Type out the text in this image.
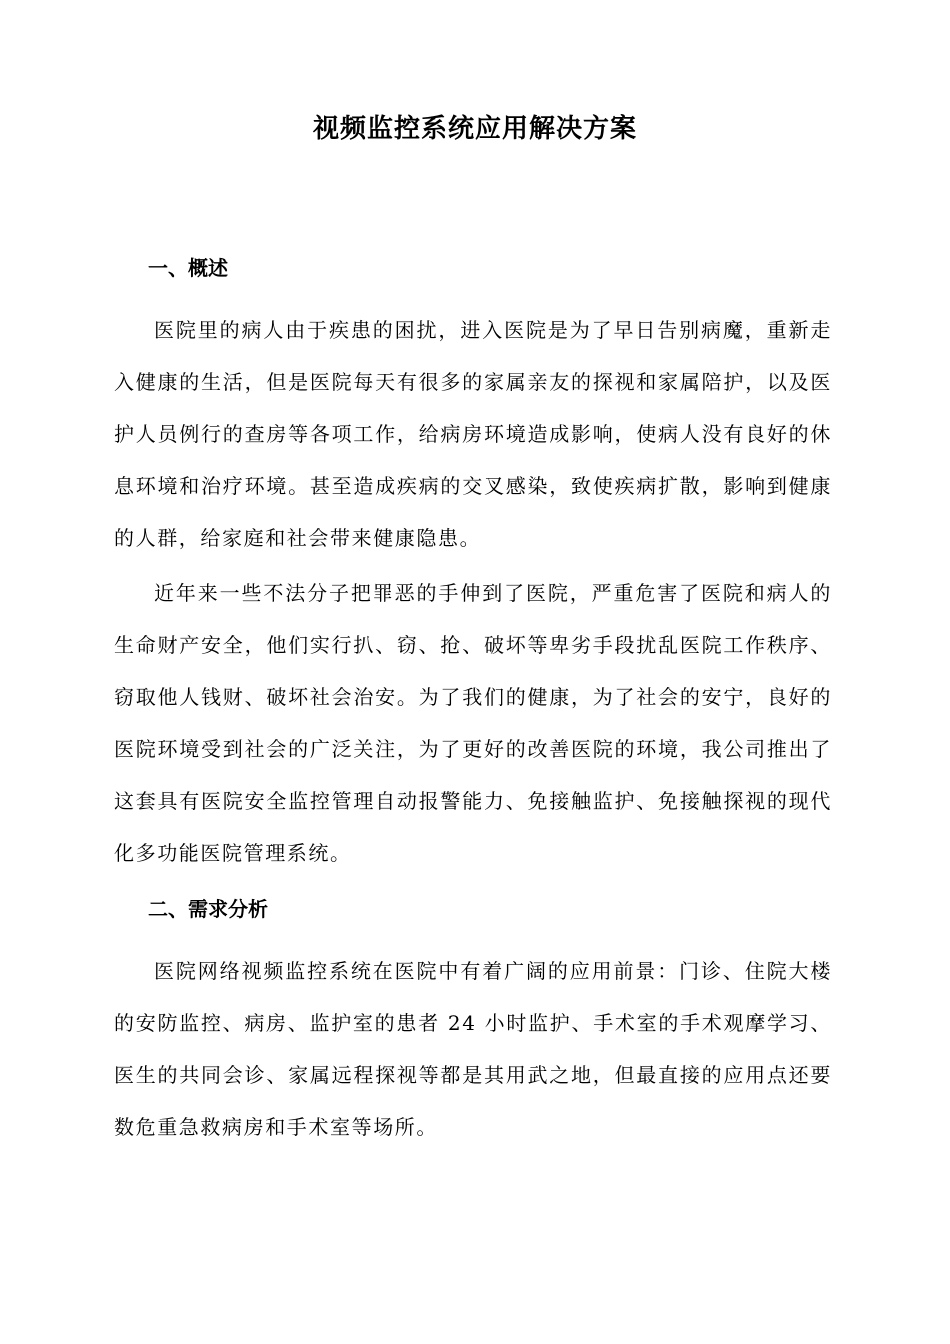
视频监控系统应用解决方案
一、概述

医院里的病人由于疾患的困扰，进入医院是为了早日告别病魔，重新走入健康的生活，但是医院每天有很多的家属亲友的探视和家属陪护，以及医护人员例行的查房等各项工作，给病房环境造成影响，使病人没有良好的休息环境和治疗环境。甚至造成疾病的交叉感染，致使疾病扩散，影响到健康的人群，给家庭和社会带来健康隐患。

近年来一些不法分子把罪恶的手伸到了医院，严重危害了医院和病人的生命财产安全，他们实行扒、窃、抢、破坏等卑劣手段扰乱医院工作秩序、窃取他人钱财、破坏社会治安。为了我们的健康，为了社会的安宁，良好的医院环境受到社会的广泛关注，为了更好的改善医院的环境，我公司推出了这套具有医院安全监控管理自动报警能力、免接触监护、免接触探视的现代化多功能医院管理系统。

二、需求分析

医院网络视频监控系统在医院中有着广阔的应用前景：门诊、住院大楼的安防监控、病房、监护室的患者 24 小时监护、手术室的手术观摩学习、医生的共同会诊、家属远程探视等都是其用武之地，但最直接的应用点还要数危重急救病房和手术室等场所。
